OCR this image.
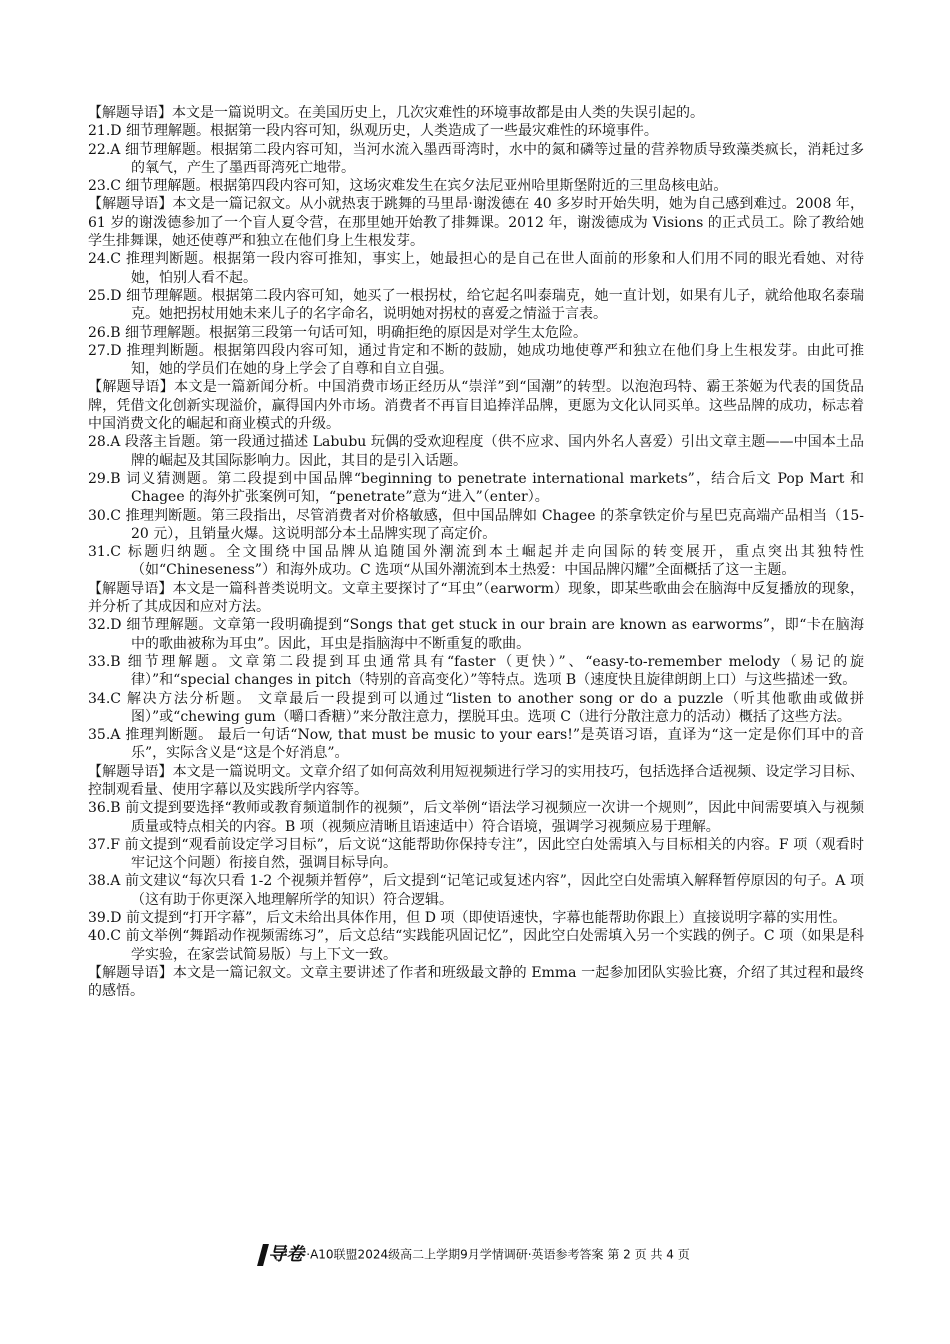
【解题导语】本文是一篇说明文。在美国历史上，几次灾难性的环境事故都是由人类的失误引起的。

21.D 细节理解题。根据第一段内容可知，纵观历史，人类造成了一些最灾难性的环境事件。

22.A 细节理解题。根据第二段内容可知，当河水流入墨西哥湾时，水中的氮和磷等过量的营养物质导致藻类疯长，消耗过多的氧气，产生了墨西哥湾死亡地带。

23.C 细节理解题。根据第四段内容可知，这场灾难发生在宾夕法尼亚州哈里斯堡附近的三里岛核电站。

【解题导语】本文是一篇记叙文。从小就热衷于跳舞的马里昂·谢泼德在 40 多岁时开始失明，她为自己感到难过。2008 年，61 岁的谢泼德参加了一个盲人夏令营，在那里她开始教了排舞课。2012 年，谢泼德成为 Visions 的正式员工。除了教给她学生排舞课，她还使尊严和独立在他们身上生根发芽。

24.C 推理判断题。根据第一段内容可推知，事实上，她最担心的是自己在世人面前的形象和人们用不同的眼光看她、对待她，怕别人看不起。

25.D 细节理解题。根据第二段内容可知，她买了一根拐杖，给它起名叫泰瑞克，她一直计划，如果有儿子，就给他取名泰瑞克。她把拐杖用她未来儿子的名字命名，说明她对拐杖的喜爱之情溢于言表。

26.B 细节理解题。根据第三段第一句话可知，明确拒绝的原因是对学生太危险。

27.D 推理判断题。根据第四段内容可知，通过肯定和不断的鼓励，她成功地使尊严和独立在他们身上生根发芽。由此可推知，她的学员们在她的身上学会了自尊和自立自强。

【解题导语】本文是一篇新闻分析。中国消费市场正经历从“崇洋”到“国潮”的转型。以泡泡玛特、霸王茶姬为代表的国货品牌，凭借文化创新实现溢价，赢得国内外市场。消费者不再盲目追捧洋品牌，更愿为文化认同买单。这些品牌的成功，标志着中国消费文化的崛起和商业模式的升级。

28.A 段落主旨题。第一段通过描述 Labubu 玩偶的受欢迎程度（供不应求、国内外名人喜爱）引出文章主题——中国本土品牌的崛起及其国际影响力。因此，其目的是引入话题。

29.B 词义猜测题。第二段提到中国品牌“beginning to penetrate international markets”，结合后文 Pop Mart 和 Chagee 的海外扩张案例可知，“penetrate”意为“进入”（enter）。

30.C 推理判断题。第三段指出，尽管消费者对价格敏感，但中国品牌如 Chagee 的茶拿铁定价与星巴克高端产品相当（15-20 元），且销量火爆。这说明部分本土品牌实现了高定价。

31.C 标题归纳题。全文围绕中国品牌从追随国外潮流到本土崛起并走向国际的转变展开，重点突出其独特性（如“Chineseness”）和海外成功。C 选项“从国外潮流到本土热爱：中国品牌闪耀”全面概括了这一主题。

【解题导语】本文是一篇科普类说明文。文章主要探讨了“耳虫”（earworm）现象，即某些歌曲会在脑海中反复播放的现象，并分析了其成因和应对方法。

32.D 细节理解题。文章第一段明确提到“Songs that get stuck in our brain are known as earworms”，即“卡在脑海中的歌曲被称为耳虫”。因此，耳虫是指脑海中不断重复的歌曲。

33.B 细节理解题。文章第二段提到耳虫通常具有“faster（更快）”、“easy-to-remember melody（易记的旋律）”和“special changes in pitch（特别的音高变化）”等特点。选项 B（速度快且旋律朗朗上口）与这些描述一致。

34.C 解决方法分析题。 文章最后一段提到可以通过“listen to another song or do a puzzle（听其他歌曲或做拼图）”或“chewing gum（嚼口香糖）”来分散注意力，摆脱耳虫。选项 C（进行分散注意力的活动）概括了这些方法。

35.A 推理判断题。 最后一句话“Now, that must be music to your ears!”是英语习语，直译为“这一定是你们耳中的音乐”，实际含义是“这是个好消息”。

【解题导语】本文是一篇说明文。文章介绍了如何高效利用短视频进行学习的实用技巧，包括选择合适视频、设定学习目标、控制观看量、使用字幕以及实践所学内容等。

36.B 前文提到要选择“教师或教育频道制作的视频”，后文举例“语法学习视频应一次讲一个规则”，因此中间需要填入与视频质量或特点相关的内容。B 项（视频应清晰且语速适中）符合语境，强调学习视频应易于理解。

37.F 前文提到“观看前设定学习目标”，后文说“这能帮助你保持专注”，因此空白处需填入与目标相关的内容。F 项（观看时牢记这个问题）衔接自然，强调目标导向。

38.A 前文建议“每次只看 1-2 个视频并暂停”，后文提到“记笔记或复述内容”，因此空白处需填入解释暂停原因的句子。A 项（这有助于你更深入地理解所学的知识）符合逻辑。

39.D 前文提到“打开字幕”，后文未给出具体作用，但 D 项（即使语速快，字幕也能帮助你跟上）直接说明字幕的实用性。

40.C 前文举例“舞蹈动作视频需练习”，后文总结“实践能巩固记忆”，因此空白处需填入另一个实践的例子。C 项（如果是科学实验，在家尝试简易版）与上下文一致。

【解题导语】本文是一篇记叙文。文章主要讲述了作者和班级最文静的 Emma 一起参加团队实验比赛，介绍了其过程和最终的感悟。

导卷 ·A10联盟2024级高二上学期9月学情调研·英语参考答案 第 2 页 共 4 页
